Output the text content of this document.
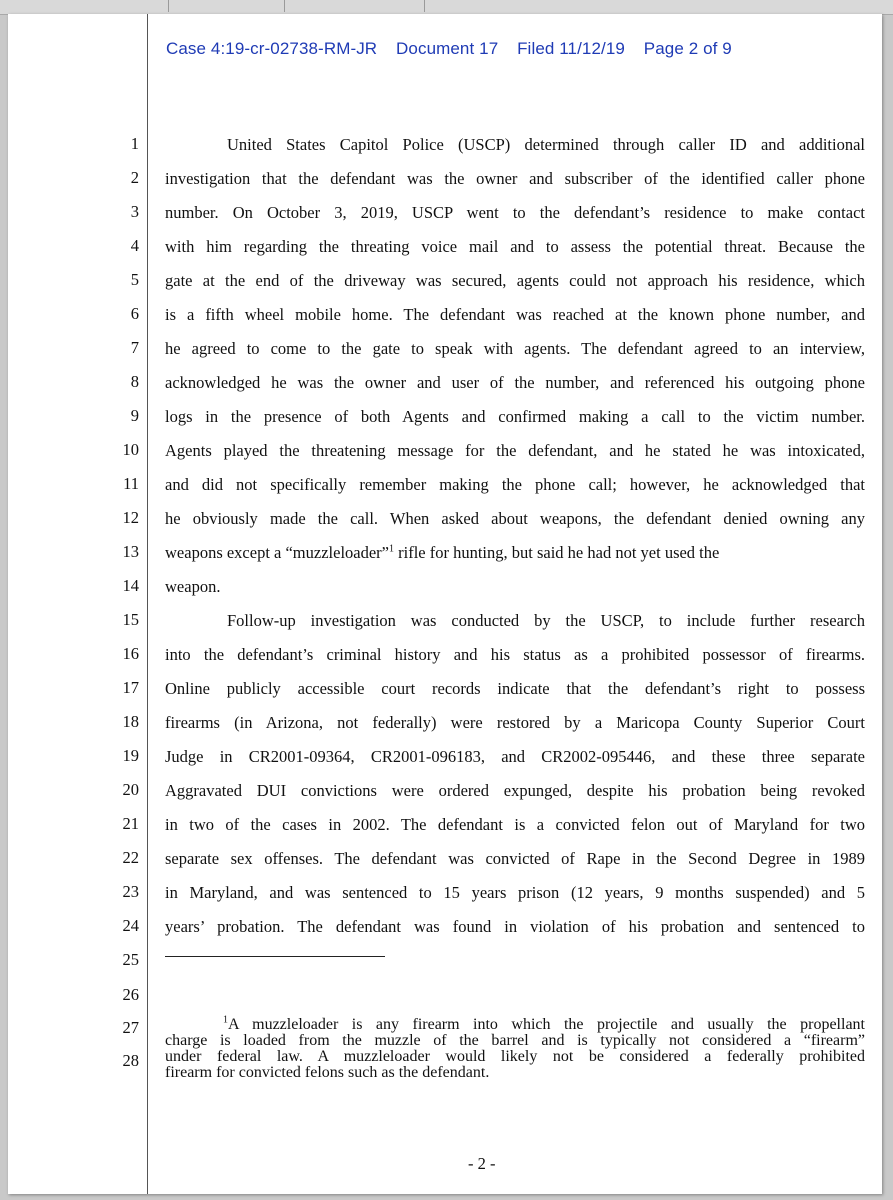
Case 4:19-cr-02738-RM-JR Document 17 Filed 11/12/19 Page 2 of 9
1
2
3
4
5
6
7
8
9
10
11
12
13
14
15
16
17
18
19
20
21
22
23
24
25
26
27
28
United States Capitol Police (USCP) determined through caller ID and additional
investigation that the defendant was the owner and subscriber of the identified caller phone
number. On October 3, 2019, USCP went to the defendant’s residence to make contact
with him regarding the threating voice mail and to assess the potential threat. Because the
gate at the end of the driveway was secured, agents could not approach his residence, which
is a fifth wheel mobile home. The defendant was reached at the known phone number, and
he agreed to come to the gate to speak with agents. The defendant agreed to an interview,
acknowledged he was the owner and user of the number, and referenced his outgoing phone
logs in the presence of both Agents and confirmed making a call to the victim number.
Agents played the threatening message for the defendant, and he stated he was intoxicated,
and did not specifically remember making the phone call; however, he acknowledged that
he obviously made the call. When asked about weapons, the defendant denied owning any
weapons except a “muzzleloader”$^1$ rifle for hunting, but said he had not yet used the
weapon.
Follow-up investigation was conducted by the USCP, to include further research
into the defendant’s criminal history and his status as a prohibited possessor of firearms.
Online publicly accessible court records indicate that the defendant’s right to possess
firearms (in Arizona, not federally) were restored by a Maricopa County Superior Court
Judge in CR2001-09364, CR2001-096183, and CR2002-095446, and these three separate
Aggravated DUI convictions were ordered expunged, despite his probation being revoked
in two of the cases in 2002. The defendant is a convicted felon out of Maryland for two
separate sex offenses. The defendant was convicted of Rape in the Second Degree in 1989
in Maryland, and was sentenced to 15 years prison (12 years, 9 months suspended) and 5
years’ probation. The defendant was found in violation of his probation and sentenced to
$^1$A muzzleloader is any firearm into which the projectile and usually the propellant
charge is loaded from the muzzle of the barrel and is typically not considered a “firearm”
under federal law. A muzzleloader would likely not be considered a federally prohibited
firearm for convicted felons such as the defendant.
- 2 -
